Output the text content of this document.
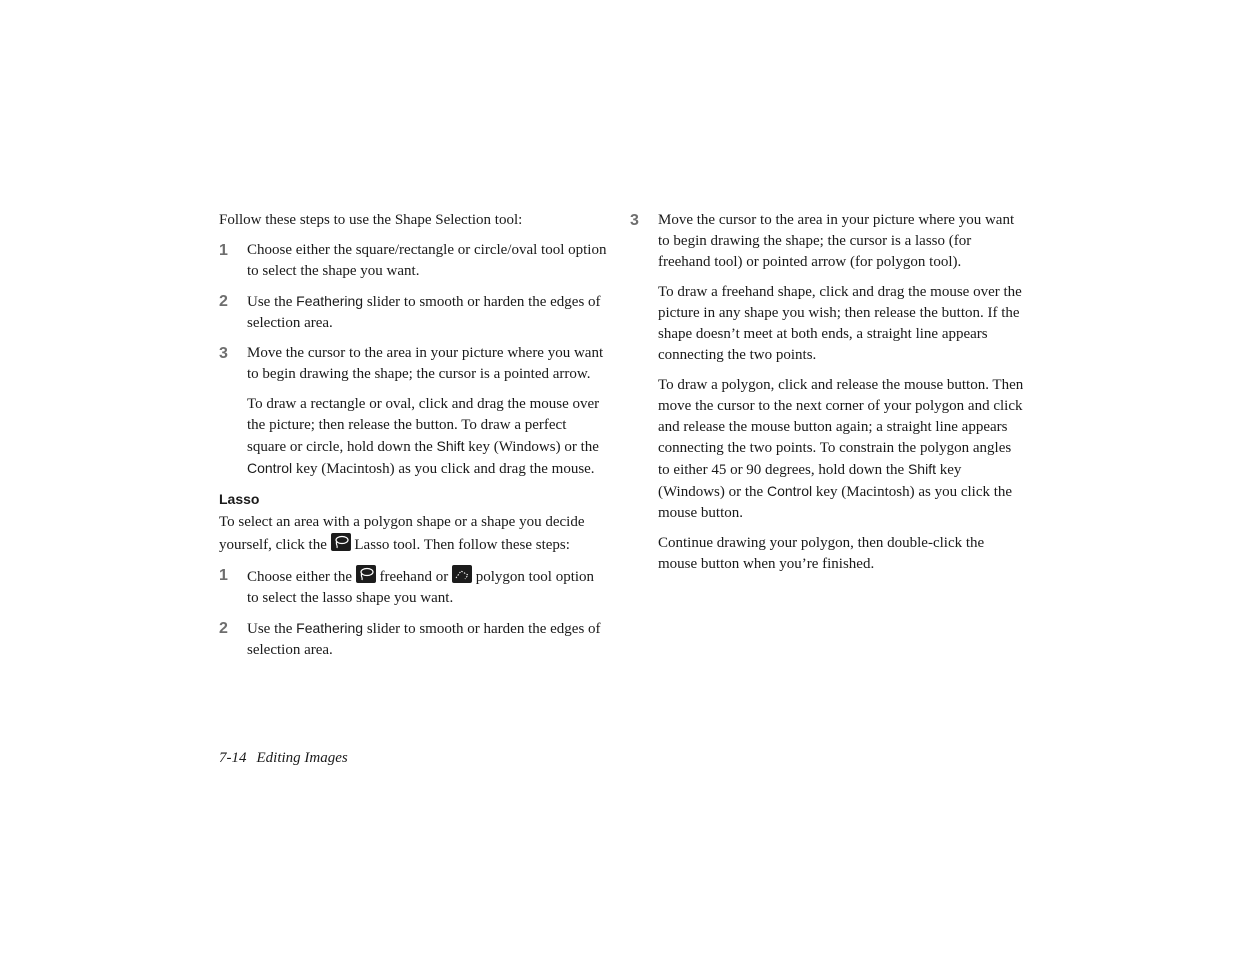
Follow these steps to use the Shape Selection tool:

1 Choose either the square/rectangle or circle/oval tool option to select the shape you want.

2 Use the Feathering slider to smooth or harden the edges of selection area.

3 Move the cursor to the area in your picture where you want to begin drawing the shape; the cursor is a pointed arrow.

To draw a rectangle or oval, click and drag the mouse over the picture; then release the button. To draw a perfect square or circle, hold down the Shift key (Windows) or the Control key (Macintosh) as you click and drag the mouse.

Lasso

To select an area with a polygon shape or a shape you decide yourself, click the
Lasso tool. Then follow these steps:

1 Choose either the
freehand or
polygon tool option to select the lasso shape you want.

2 Use the Feathering slider to smooth or harden the edges of selection area.

3 Move the cursor to the area in your picture where you want to begin drawing the shape; the cursor is a lasso (for freehand tool) or pointed arrow (for polygon tool).

To draw a freehand shape, click and drag the mouse over the picture in any shape you wish; then release the button. If the shape doesn’t meet at both ends, a straight line appears connecting the two points.

To draw a polygon, click and release the mouse button. Then move the cursor to the next corner of your polygon and click and release the mouse button again; a straight line appears connecting the two points. To constrain the polygon angles to either 45 or 90 degrees, hold down the Shift key (Windows) or the Control key (Macintosh) as you click the mouse button.

Continue drawing your polygon, then double-click the mouse button when you’re finished.

7-14 Editing Images
